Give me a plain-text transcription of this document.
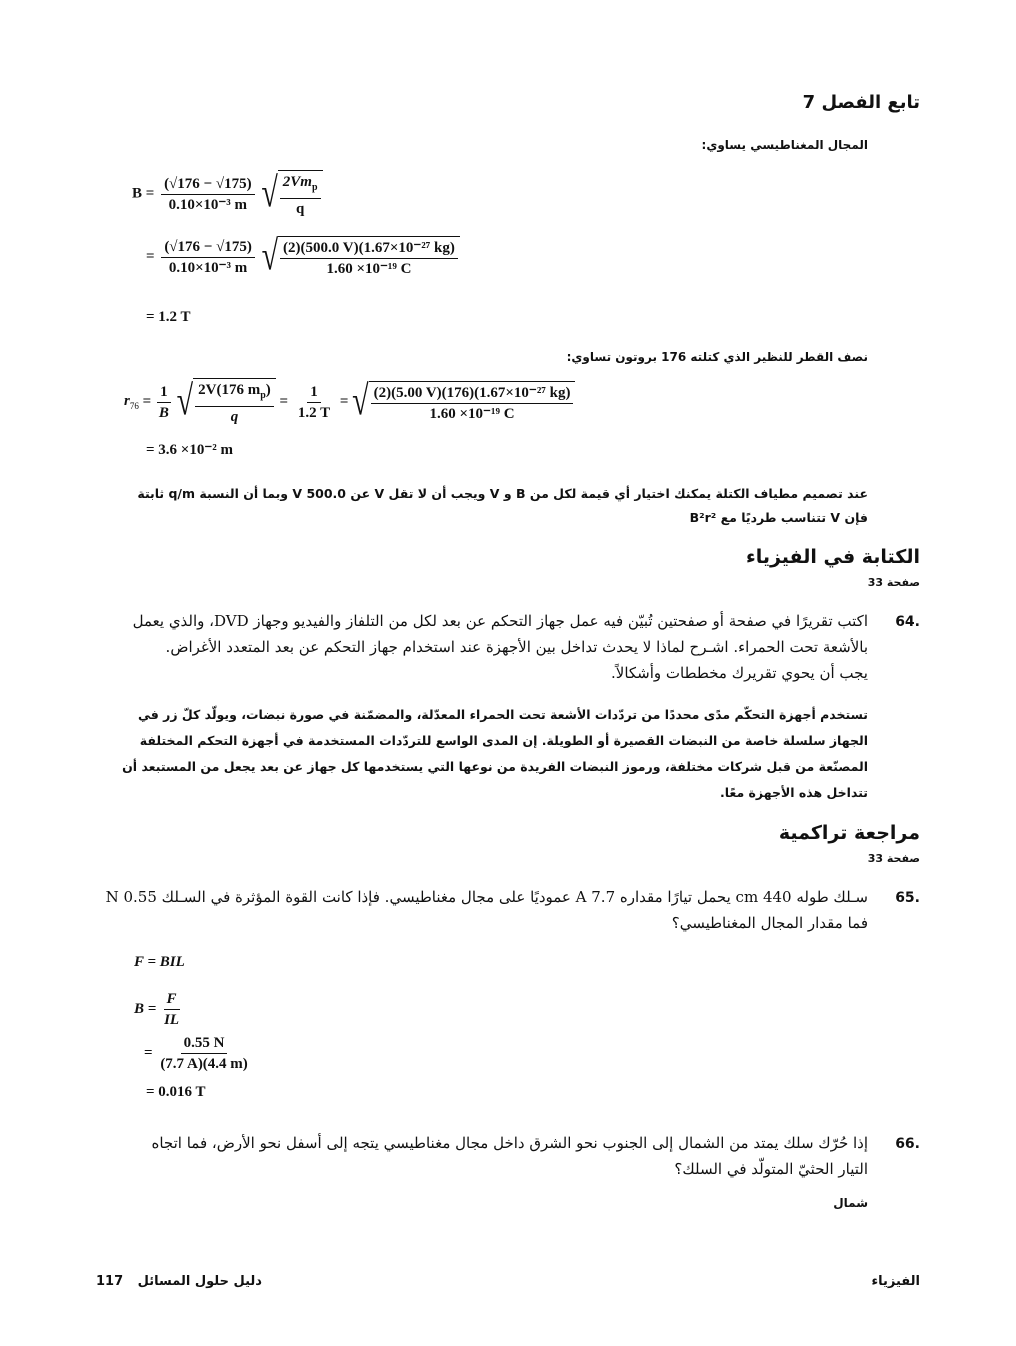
تابع الفصل 7
المجال المغناطيسي يساوي:
$B = \frac{(√176 - √175)}{\text{0.10×10⁻³ m}}$
√ $\frac{2Vm_p}{q}$
= $\frac{(√176 - √175)}{\text{0.10×10⁻³ m}}$
√ $\frac{\text{(2)(500.0 V)(1.67×10⁻²⁷ kg)}}{\text{1.60 ×10⁻¹⁹ C}}$
= 1.2 T
نصف القطر للنظير الذي كتلته 176 بروتون تساوي:
$r_{76} = \frac{1}{B}$
√ $\frac{2V(176 m_p)}{q} = \frac{1}{1.2 T}$ = √ $\frac{\text{(2)(5.00 V)(176)(1.67×10⁻²⁷ kg)}}{\text{1.60 ×10⁻¹⁹ C}}$
= 3.6 ×10⁻² m
عند تصميم مطياف الكتلة يمكنك اختيار أي قيمة لكل من B و V ويجب أن لا تقل V عن 500.0 V وبما أن النسبة q/m ثابتة
فإن V تتناسب طرديًا مع B²r²
الكتابة في الفيزياء
صفحة 33
.64
اكتب تقريرًا في صفحة أو صفحتين تُبيّن فيه عمل جهاز التحكم عن بعد لكل من التلفاز والفيديو وجهاز DVD، والذي يعمل
بالأشعة تحت الحمراء. اشـرح لماذا لا يحدث تداخل بين الأجهزة عند استخدام جهاز التحكم عن بعد المتعدد الأغراض.
يجب أن يحوي تقريرك مخططات وأشكالاً.
تستخدم أجهزة التحكّم مدًى محددًا من تردّدات الأشعة تحت الحمراء المعدّلة، والمضمّنة في صورة نبضات، ويولّد كلّ زر في
الجهاز سلسلة خاصة من النبضات القصيرة أو الطويلة. إن المدى الواسع للتردّدات المستخدمة في أجهزة التحكم المختلفة
المصنّعة من قبل شركات مختلفة، ورموز النبضات الفريدة من نوعها التي يستخدمها كل جهاز عن بعد يجعل من المستبعد أن
تتداخل هذه الأجهزة معًا.
مراجعة تراكمية
صفحة 33
.65
سـلك طوله 440 cm يحمل تيارًا مقداره 7.7 A عموديًا على مجال مغناطيسي. فإذا كانت القوة المؤثرة في السـلك 0.55 N
فما مقدار المجال المغناطيسي؟
F = BIL
$B = \frac{F}{IL}$
= $\frac{0.55 N}{(7.7 A)(4.4 m)}$
= 0.016 T
.66
إذا حُرّك سلك يمتد من الشمال إلى الجنوب نحو الشرق داخل مجال مغناطيسي يتجه إلى أسفل نحو الأرض، فما اتجاه
التيار الحثيّ المتولّد في السلك؟
شمال
الفيزياء
117 دليل حلول المسائل
